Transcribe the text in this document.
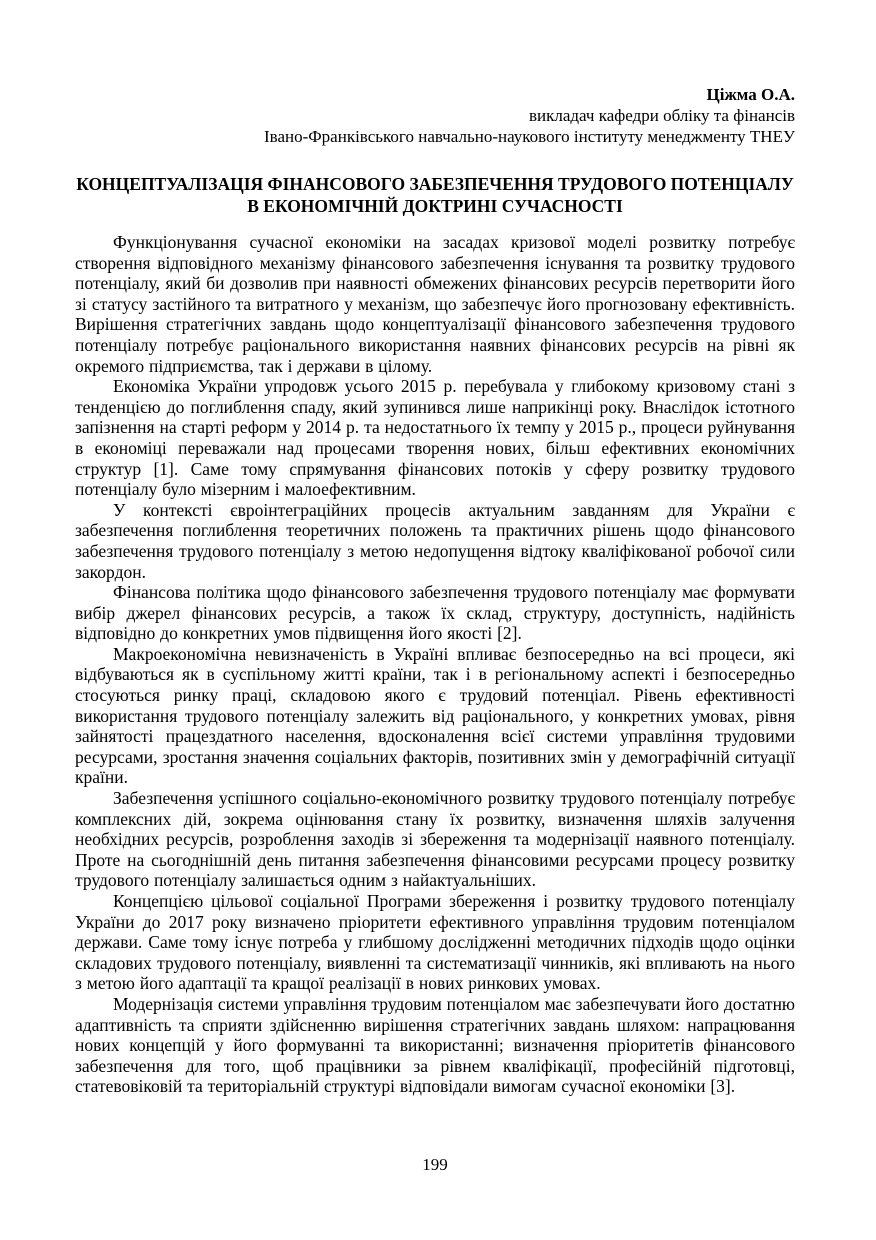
Ціжма О.А.
викладач кафедри обліку та фінансів
Івано-Франківського навчально-наукового інституту менеджменту ТНЕУ
КОНЦЕПТУАЛІЗАЦІЯ ФІНАНСОВОГО ЗАБЕЗПЕЧЕННЯ ТРУДОВОГО ПОТЕНЦІАЛУ В ЕКОНОМІЧНІЙ ДОКТРИНІ СУЧАСНОСТІ

Функціонування сучасної економіки на засадах кризової моделі розвитку потребує створення відповідного механізму фінансового забезпечення існування та розвитку трудового потенціалу, який би дозволив при наявності обмежених фінансових ресурсів перетворити його зі статусу застійного та витратного у механізм, що забезпечує його прогнозовану ефективність. Вирішення стратегічних завдань щодо концептуалізації фінансового забезпечення трудового потенціалу потребує раціонального використання наявних фінансових ресурсів на рівні як окремого підприємства, так і держави в цілому.

Економіка України упродовж усього 2015 р. перебувала у глибокому кризовому стані з тенденцією до поглиблення спаду, який зупинився лише наприкінці року. Внаслідок істотного запізнення на старті реформ у 2014 р. та недостатнього їх темпу у 2015 р., процеси руйнування в економіці переважали над процесами творення нових, більш ефективних економічних структур [1]. Саме тому спрямування фінансових потоків у сферу розвитку трудового потенціалу було мізерним і малоефективним.

У контексті євроінтеграційних процесів актуальним завданням для України є забезпечення поглиблення теоретичних положень та практичних рішень щодо фінансового забезпечення трудового потенціалу з метою недопущення відтоку кваліфікованої робочої сили закордон.

Фінансова політика щодо фінансового забезпечення трудового потенціалу має формувати вибір джерел фінансових ресурсів, а також їх склад, структуру, доступність, надійність відповідно до конкретних умов підвищення його якості [2].

Макроекономічна невизначеність в Україні впливає безпосередньо на всі процеси, які відбуваються як в суспільному житті країни, так і в регіональному аспекті і безпосередньо стосуються ринку праці, складовою якого є трудовий потенціал. Рівень ефективності використання трудового потенціалу залежить від раціонального, у конкретних умовах, рівня зайнятості працездатного населення, вдосконалення всієї системи управління трудовими ресурсами, зростання значення соціальних факторів, позитивних змін у демографічній ситуації країни.

Забезпечення успішного соціально-економічного розвитку трудового потенціалу потребує комплексних дій, зокрема оцінювання стану їх розвитку, визначення шляхів залучення необхідних ресурсів, розроблення заходів зі збереження та модернізації наявного потенціалу. Проте на сьогоднішній день питання забезпечення фінансовими ресурсами процесу розвитку трудового потенціалу залишається одним з найактуальніших.

Концепцією цільової соціальної Програми збереження і розвитку трудового потенціалу України до 2017 року визначено пріоритети ефективного управління трудовим потенціалом держави. Саме тому існує потреба у глибшому дослідженні методичних підходів щодо оцінки складових трудового потенціалу, виявленні та систематизації чинників, які впливають на нього з метою його адаптації та кращої реалізації в нових ринкових умовах.

Модернізація системи управління трудовим потенціалом має забезпечувати його достатню адаптивність та сприяти здійсненню вирішення стратегічних завдань шляхом: напрацювання нових концепцій у його формуванні та використанні; визначення пріоритетів фінансового забезпечення для того, щоб працівники за рівнем кваліфікації, професійній підготовці, статевовіковій та територіальній структурі відповідали вимогам сучасної економіки [3].

199
